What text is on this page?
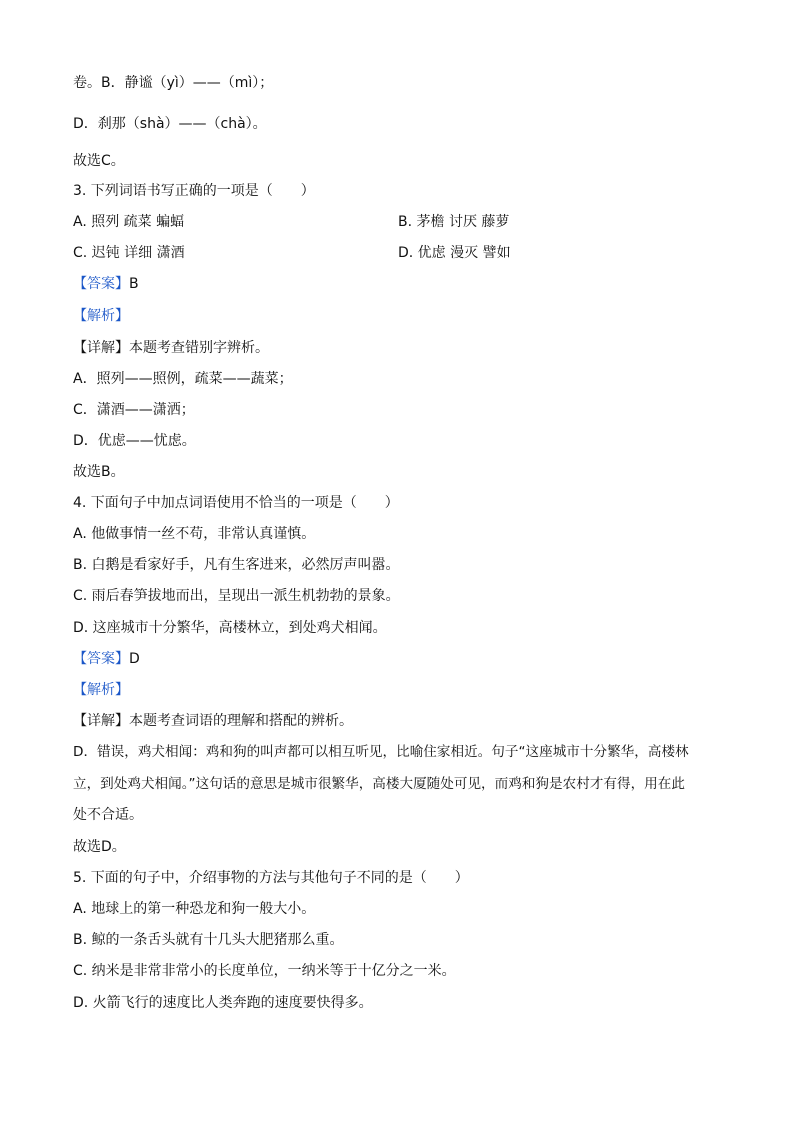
卷。B．静谧（yì）——（mì）；
D．刹那（shà）——（chà）。
故选C。
3. 下列词语书写正确的一项是（　　）
A. 照列 疏菜 蝙蝠	B. 茅檐 讨厌 藤萝
C. 迟钝 详细 潇酒	D. 优虑 漫灭 譬如
【答案】B
【解析】
【详解】本题考查错别字辨析。
A．照列——照例，疏菜——蔬菜；
C．潇酒——潇洒；
D．优虑——忧虑。
故选B。
4. 下面句子中加点词语使用不恰当的一项是（　　）
A. 他做事情一丝不苟，非常认真谨慎。
B. 白鹅是看家好手，凡有生客进来，必然厉声叫嚣。
C. 雨后春笋拔地而出，呈现出一派生机勃勃的景象。
D. 这座城市十分繁华，高楼林立，到处鸡犬相闻。
【答案】D
【解析】
【详解】本题考查词语的理解和搭配的辨析。
D．错误，鸡犬相闻：鸡和狗的叫声都可以相互听见，比喻住家相近。句子“这座城市十分繁华，高楼林
立，到处鸡犬相闻。”这句话的意思是城市很繁华，高楼大厦随处可见，而鸡和狗是农村才有得，用在此
处不合适。
故选D。
5. 下面的句子中，介绍事物的方法与其他句子不同的是（　　）
A. 地球上的第一种恐龙和狗一般大小。
B. 鲸的一条舌头就有十几头大肥猪那么重。
C. 纳米是非常非常小的长度单位，一纳米等于十亿分之一米。
D. 火箭飞行的速度比人类奔跑的速度要快得多。
